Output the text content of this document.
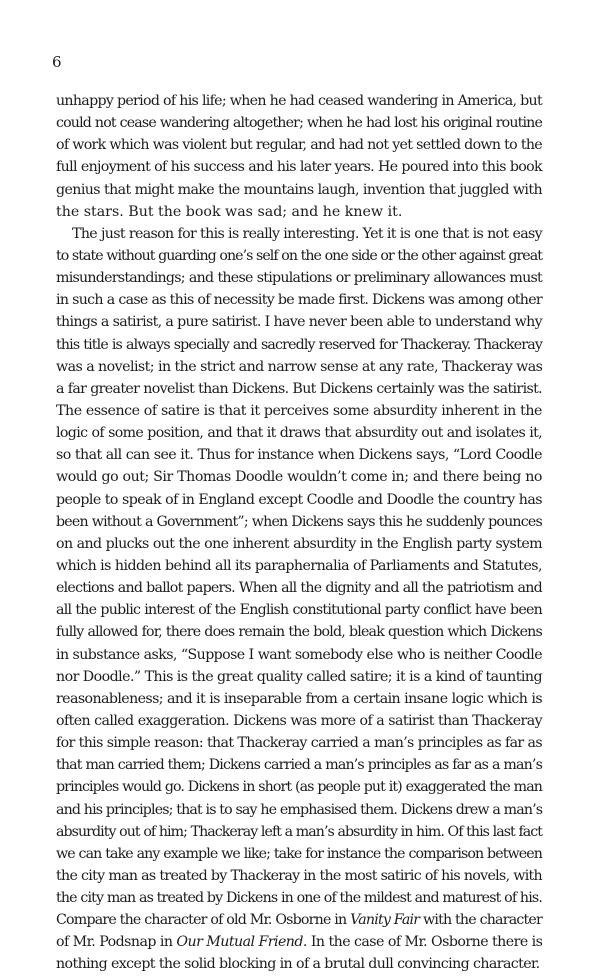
6
unhappy period of his life; when he had ceased wandering in America, but
could not cease wandering altogether; when he had lost his original routine
of work which was violent but regular, and had not yet settled down to the
full enjoyment of his success and his later years. He poured into this book
genius that might make the mountains laugh, invention that juggled with
the stars. But the book was sad; and he knew it.
The just reason for this is really interesting. Yet it is one that is not easy
to state without guarding one’s self on the one side or the other against great
misunderstandings; and these stipulations or preliminary allowances must
in such a case as this of necessity be made first. Dickens was among other
things a satirist, a pure satirist. I have never been able to understand why
this title is always specially and sacredly reserved for Thackeray. Thackeray
was a novelist; in the strict and narrow sense at any rate, Thackeray was
a far greater novelist than Dickens. But Dickens certainly was the satirist.
The essence of satire is that it perceives some absurdity inherent in the
logic of some position, and that it draws that absurdity out and isolates it,
so that all can see it. Thus for instance when Dickens says, “Lord Coodle
would go out; Sir Thomas Doodle wouldn’t come in; and there being no
people to speak of in England except Coodle and Doodle the country has
been without a Government”; when Dickens says this he suddenly pounces
on and plucks out the one inherent absurdity in the English party system
which is hidden behind all its paraphernalia of Parliaments and Statutes,
elections and ballot papers. When all the dignity and all the patriotism and
all the public interest of the English constitutional party conflict have been
fully allowed for, there does remain the bold, bleak question which Dickens
in substance asks, “Suppose I want somebody else who is neither Coodle
nor Doodle.” This is the great quality called satire; it is a kind of taunting
reasonableness; and it is inseparable from a certain insane logic which is
often called exaggeration. Dickens was more of a satirist than Thackeray
for this simple reason: that Thackeray carried a man’s principles as far as
that man carried them; Dickens carried a man’s principles as far as a man’s
principles would go. Dickens in short (as people put it) exaggerated the man
and his principles; that is to say he emphasised them. Dickens drew a man’s
absurdity out of him; Thackeray left a man’s absurdity in him. Of this last fact
we can take any example we like; take for instance the comparison between
the city man as treated by Thackeray in the most satiric of his novels, with
the city man as treated by Dickens in one of the mildest and maturest of his.
Compare the character of old Mr. Osborne in Vanity Fair with the character
of Mr. Podsnap in Our Mutual Friend. In the case of Mr. Osborne there is
nothing except the solid blocking in of a brutal dull convincing character.
